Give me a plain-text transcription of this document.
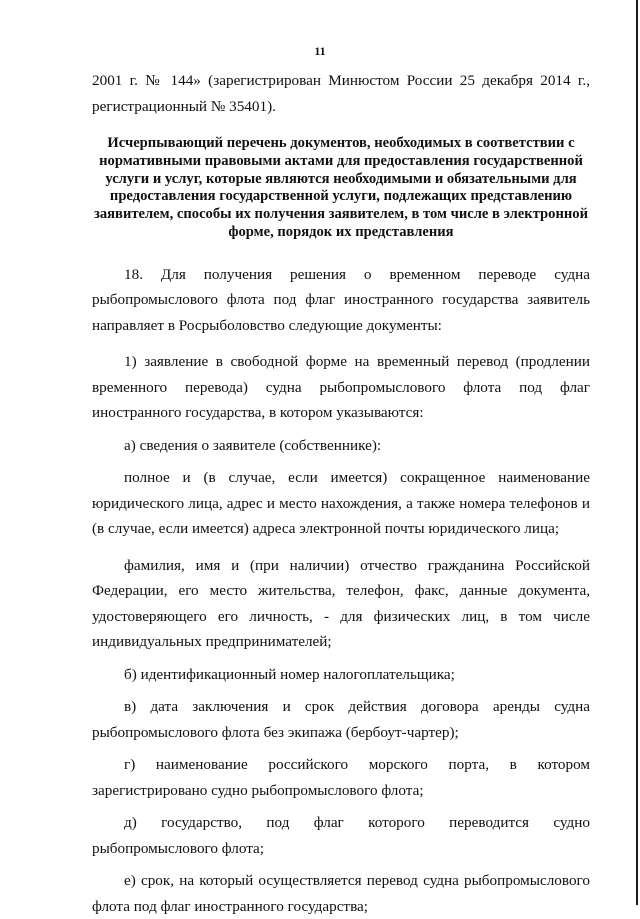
11

2001 г. № 144» (зарегистрирован Минюстом России 25 декабря 2014 г., регистрационный № 35401).

Исчерпывающий перечень документов, необходимых в соответствии с нормативными правовыми актами для предоставления государственной услуги и услуг, которые являются необходимыми и обязательными для предоставления государственной услуги, подлежащих представлению заявителем, способы их получения заявителем, в том числе в электронной форме, порядок их представления

18. Для получения решения о временном переводе судна рыбопромыслового флота под флаг иностранного государства заявитель направляет в Росрыболовство следующие документы:

1) заявление в свободной форме на временный перевод (продлении временного перевода) судна рыбопромыслового флота под флаг иностранного государства, в котором указываются:

а) сведения о заявителе (собственнике):

полное и (в случае, если имеется) сокращенное наименование юридического лица, адрес и место нахождения, а также номера телефонов и (в случае, если имеется) адреса электронной почты юридического лица;

фамилия, имя и (при наличии) отчество гражданина Российской Федерации, его место жительства, телефон, факс, данные документа, удостоверяющего его личность, - для физических лиц, в том числе индивидуальных предпринимателей;

б) идентификационный номер налогоплательщика;

в) дата заключения и срок действия договора аренды судна рыбопромыслового флота без экипажа (бербоут-чартер);

г) наименование российского морского порта, в котором зарегистрировано судно рыбопромыслового флота;

д) государство, под флаг которого переводится судно рыбопромыслового флота;

е) срок, на который осуществляется перевод судна рыбопромыслового флота под флаг иностранного государства;
